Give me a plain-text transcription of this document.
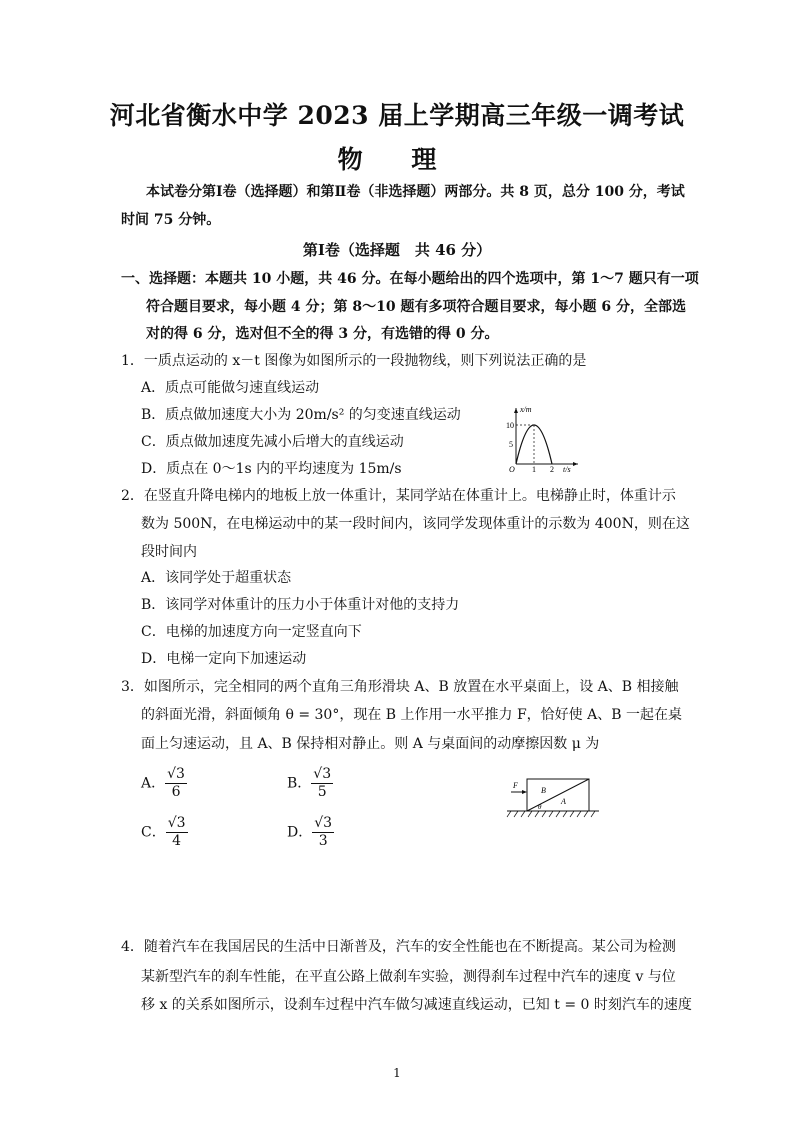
河北省衡水中学 2023 届上学期高三年级一调考试
物 理
本试卷分第Ⅰ卷（选择题）和第Ⅱ卷（非选择题）两部分。共 8 页，总分 100 分，考试
时间 75 分钟。
第Ⅰ卷（选择题　共 46 分）
一、选择题：本题共 10 小题，共 46 分。在每小题给出的四个选项中，第 1～7 题只有一项
符合题目要求，每小题 4 分；第 8～10 题有多项符合题目要求，每小题 6 分，全部选
对的得 6 分，选对但不全的得 3 分，有选错的得 0 分。
1．一质点运动的 x－t 图像为如图所示的一段抛物线，则下列说法正确的是
A．质点可能做匀速直线运动
B．质点做加速度大小为 20m/s² 的匀变速直线运动
C．质点做加速度先减小后增大的直线运动
D．质点在 0～1s 内的平均速度为 15m/s
x/m
t/s
10
5
O 1 2
2．在竖直升降电梯内的地板上放一体重计，某同学站在体重计上。电梯静止时，体重计示
数为 500N，在电梯运动中的某一段时间内，该同学发现体重计的示数为 400N，则在这
段时间内
A．该同学处于超重状态
B．该同学对体重计的压力小于体重计对他的支持力
C．电梯的加速度方向一定竖直向下
D．电梯一定向下加速运动
3．如图所示，完全相同的两个直角三角形滑块 A、B 放置在水平桌面上，设 A、B 相接触
的斜面光滑，斜面倾角 θ = 30°，现在 B 上作用一水平推力 F，恰好使 A、B 一起在桌
面上匀速运动，且 A、B 保持相对静止。则 A 与桌面间的动摩擦因数 μ 为
A． $\frac{√3}{6}$	B． $\frac{√3}{5}$
C． $\frac{√3}{4}$	D． $\frac{√3}{3}$
F
B
A
θ
4．随着汽车在我国居民的生活中日渐普及，汽车的安全性能也在不断提高。某公司为检测
某新型汽车的刹车性能，在平直公路上做刹车实验，测得刹车过程中汽车的速度 v 与位
移 x 的关系如图所示，设刹车过程中汽车做匀减速直线运动，已知 t = 0 时刻汽车的速度
1
